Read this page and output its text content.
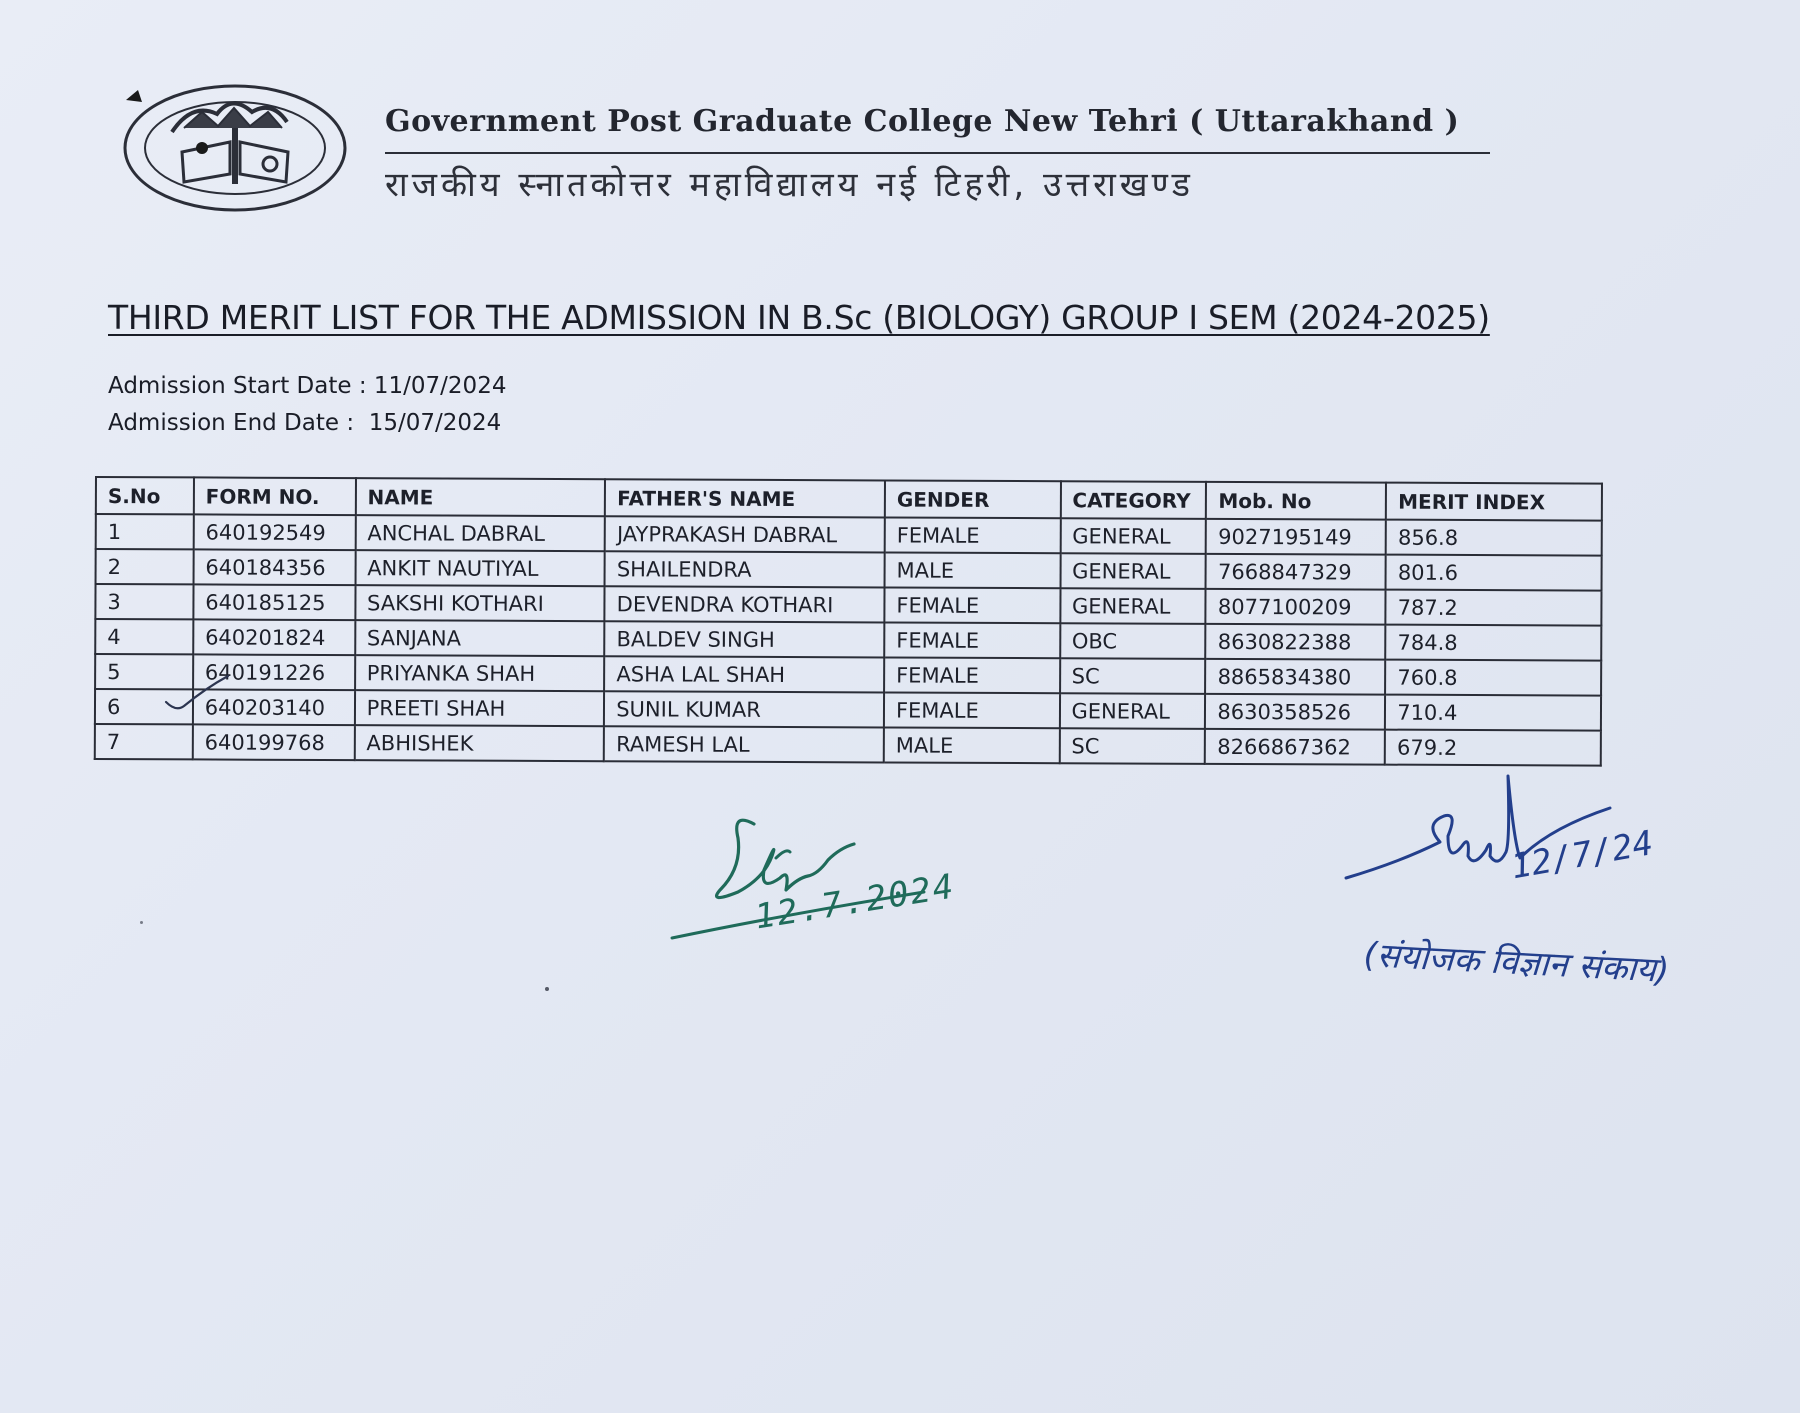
Government Post Graduate College New Tehri ( Uttarakhand )
राजकीय स्नातकोत्तर महाविद्यालय नई टिहरी, उत्तराखण्ड
THIRD MERIT LIST FOR THE ADMISSION IN B.Sc (BIOLOGY) GROUP I SEM (2024-2025)
Admission Start Date : 11/07/2024
Admission End Date :  15/07/2024
S.No	FORM NO.	NAME	FATHER'S NAME	GENDER	CATEGORY	Mob. No	MERIT INDEX
1	640192549	ANCHAL DABRAL	JAYPRAKASH DABRAL	FEMALE	GENERAL	9027195149	856.8
2	640184356	ANKIT NAUTIYAL	SHAILENDRA	MALE	GENERAL	7668847329	801.6
3	640185125	SAKSHI KOTHARI	DEVENDRA KOTHARI	FEMALE	GENERAL	8077100209	787.2
4	640201824	SANJANA	BALDEV SINGH	FEMALE	OBC	8630822388	784.8
5	640191226	PRIYANKA SHAH	ASHA LAL SHAH	FEMALE	SC	8865834380	760.8
6	640203140	PREETI SHAH	SUNIL KUMAR	FEMALE	GENERAL	8630358526	710.4
7	640199768	ABHISHEK	RAMESH LAL	MALE	SC	8266867362	679.2
12.7.2024
12/7/24
(संयोजक विज्ञान संकाय)
